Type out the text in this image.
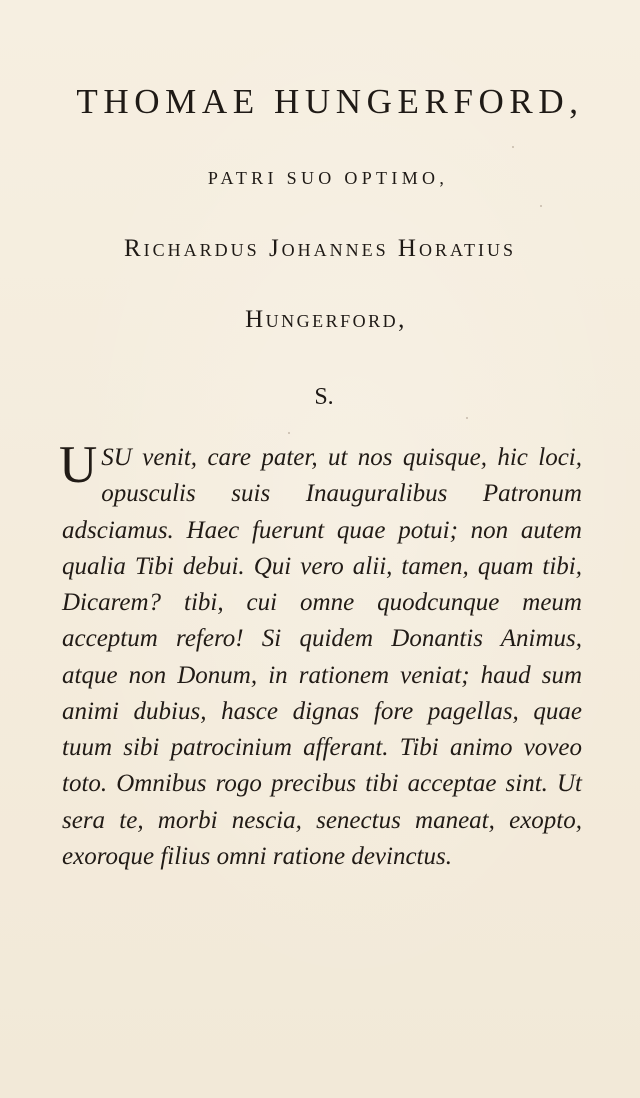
THOMAE HUNGERFORD,
PATRI SUO OPTIMO,
Richardus Johannes Horatius
Hungerford,
S.

USU venit, care pater, ut nos quisque, hic loci, opusculis suis Inauguralibus Patronum adsciamus. Haec fuerunt quae potui; non autem qualia Tibi debui. Qui vero alii, tamen, quam tibi, Dicarem? tibi, cui omne quodcunque meum acceptum refero! Si quidem Donantis Animus, atque non Donum, in rationem veniat; haud sum animi dubius, hasce dignas fore pagellas, quae tuum sibi patrocinium afferant. Tibi animo voveo toto. Omnibus rogo precibus tibi acceptae sint. Ut sera te, morbi nescia, senectus maneat, exopto, exoroque filius omni ratione devinctus.
